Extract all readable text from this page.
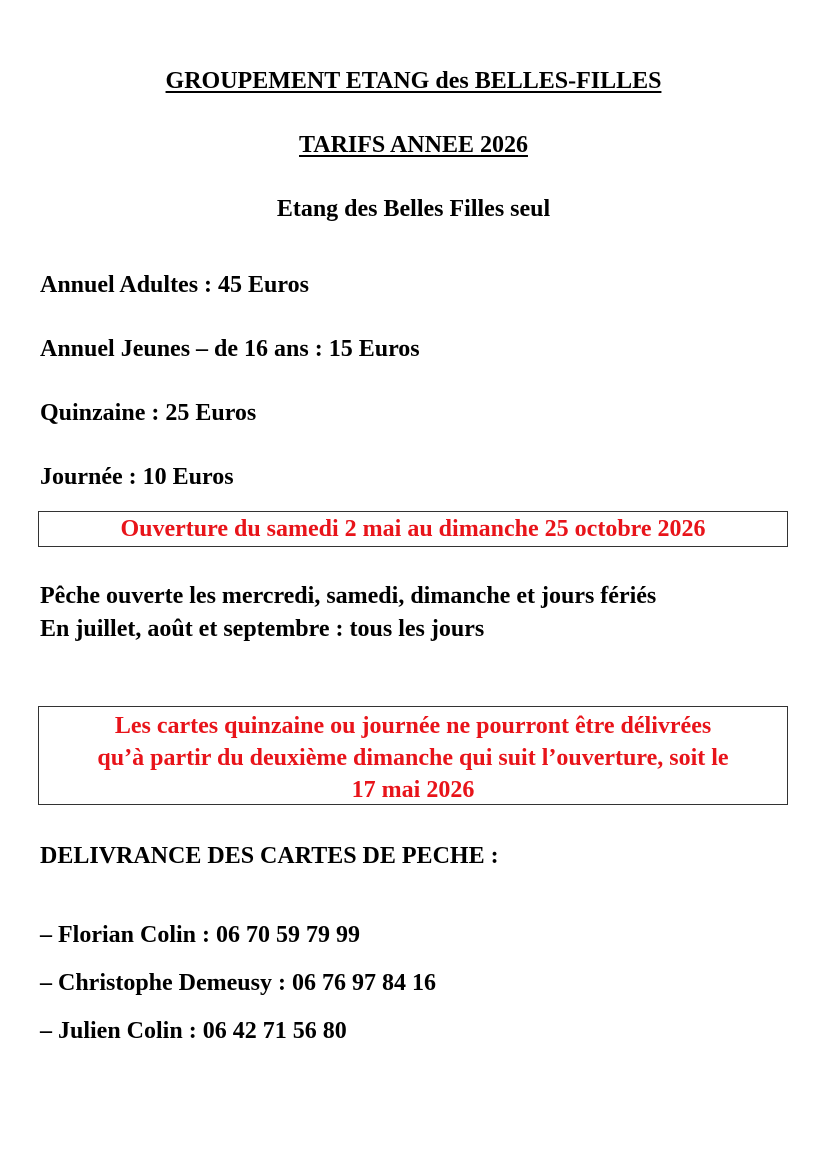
GROUPEMENT ETANG des BELLES-FILLES
TARIFS ANNEE 2026
Etang des Belles Filles seul
Annuel Adultes : 45 Euros
Annuel Jeunes – de 16 ans : 15 Euros
Quinzaine : 25 Euros
Journée : 10 Euros
Ouverture du samedi 2 mai au dimanche 25 octobre 2026
Pêche ouverte les mercredi, samedi, dimanche et jours fériés
En juillet, août et septembre : tous les jours
Les cartes quinzaine ou journée ne pourront être délivrées
qu’à partir du deuxième dimanche qui suit l’ouverture, soit le
17 mai 2026
DELIVRANCE DES CARTES DE PECHE :
– Florian Colin : 06 70 59 79 99
– Christophe Demeusy : 06 76 97 84 16
– Julien Colin : 06 42 71 56 80
